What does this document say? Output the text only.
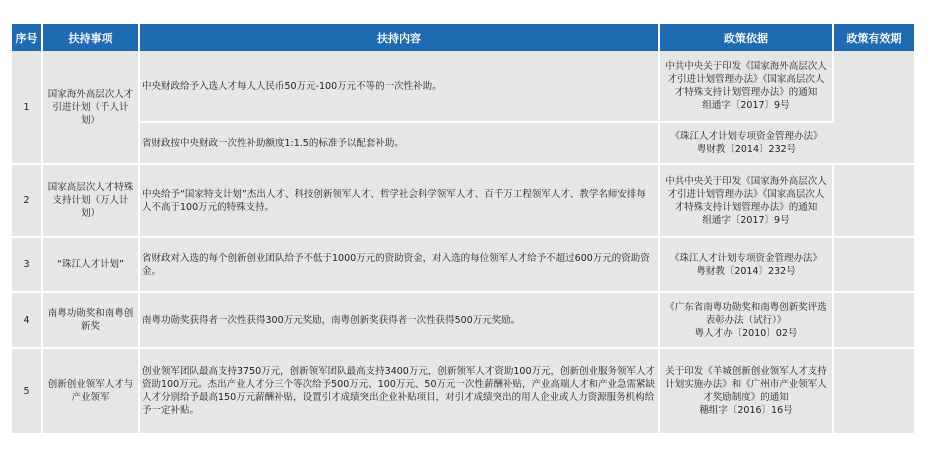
序号	扶持事项	扶持内容	政策依据	政策有效期
1	国家海外高层次人才引进计划（千人计划）	中央财政给予入选人才每人人民币50万元-100万元不等的一次性补助。	中共中央关于印发《国家海外高层次人才引进计划管理办法》《国家高层次人才特殊支持计划管理办法》的通知
组通字〔2017〕9号	
		省财政按中央财政一次性补助额度1:1.5的标准予以配套补助。	《珠江人才计划专项资金管理办法》
粤财教〔2014〕232号	
2	国家高层次人才特殊支持计划（万人计划）	中央给予“国家特支计划”杰出人才、科技创新领军人才、哲学社会科学领军人才、百千万工程领军人才、教学名师安排每人不高于100万元的特殊支持。	中共中央关于印发《国家海外高层次人才引进计划管理办法》《国家高层次人才特殊支持计划管理办法》的通知
组通字〔2017〕9号	
3	“珠江人才计划”	省财政对入选的每个创新创业团队给予不低于1000万元的资助资金，对入选的每位领军人才给予不超过600万元的资助资金。	《珠江人才计划专项资金管理办法》
粤财教〔2014〕232号	
4	南粤功勋奖和南粤创新奖	南粤功勋奖获得者一次性获得300万元奖励，南粤创新奖获得者一次性获得500万元奖励。	《广东省南粤功勋奖和南粤创新奖评选表彰办法（试行）》
粤人才办〔2010〕02号	
5	创新创业领军人才与产业领军	创业领军团队最高支持3750万元，创新领军团队最高支持3400万元，创新领军人才资助100万元，创新创业服务领军人才资助100万元。杰出产业人才分三个等次给予500万元、100万元、50万元一次性薪酬补贴，产业高端人才和产业急需紧缺人才分别给予最高150万元薪酬补贴，设置引才成绩突出企业补贴项目，对引才成绩突出的用人企业或人力资源服务机构给予一定补贴。	关于印发《羊城创新创业领军人才支持计划实施办法》和《广州市产业领军人才奖励制度》的通知
穗组字〔2016〕16号	
